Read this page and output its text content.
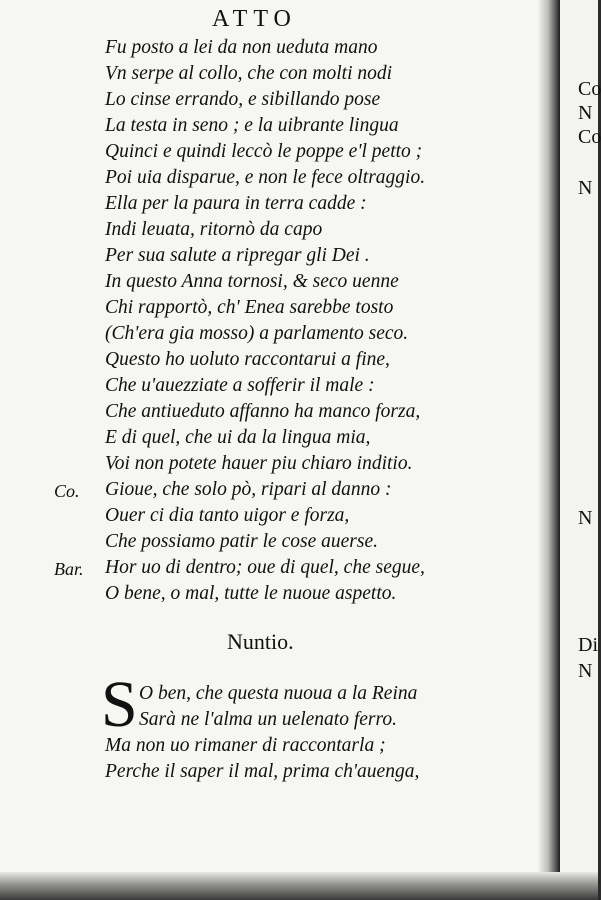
ATTO
Fu posto a lei da non ueduta mano
Vn serpe al collo, che con molti nodi
Lo cinse errando, e sibillando pose
La testa in seno ; e la uibrante lingua
Quinci e quindi leccò le poppe e'l petto ;
Poi uia disparue, e non le fece oltraggio.
Ella per la paura in terra cadde :
Indi leuata, ritornò da capo
Per sua salute a ripregar gli Dei .
In questo Anna tornosi, & seco uenne
Chi rapportò, ch' Enea sarebbe tosto
(Ch'era gia mosso) a parlamento seco.
Questo ho uoluto raccontarui a fine,
Che u'auezziate a sofferir il male :
Che antiueduto affanno ha manco forza,
E di quel, che ui da la lingua mia,
Voi non potete hauer piu chiaro inditio.
Co. Gioue, che solo pò, ripari al danno :
Ouer ci dia tanto uigor e forza,
Che possiamo patir le cose auerse.
Bar. Hor uo di dentro; oue di quel, che segue,
O bene, o mal, tutte le nuoue aspetto.
Nuntio.
S O ben, che questa nuoua a la Reina
Sarà ne l'alma un uelenato ferro.
Ma non uo rimaner di raccontarla ;
Perche il saper il mal, prima ch'auenga,
Co
N
Co
N
N
Di
N
